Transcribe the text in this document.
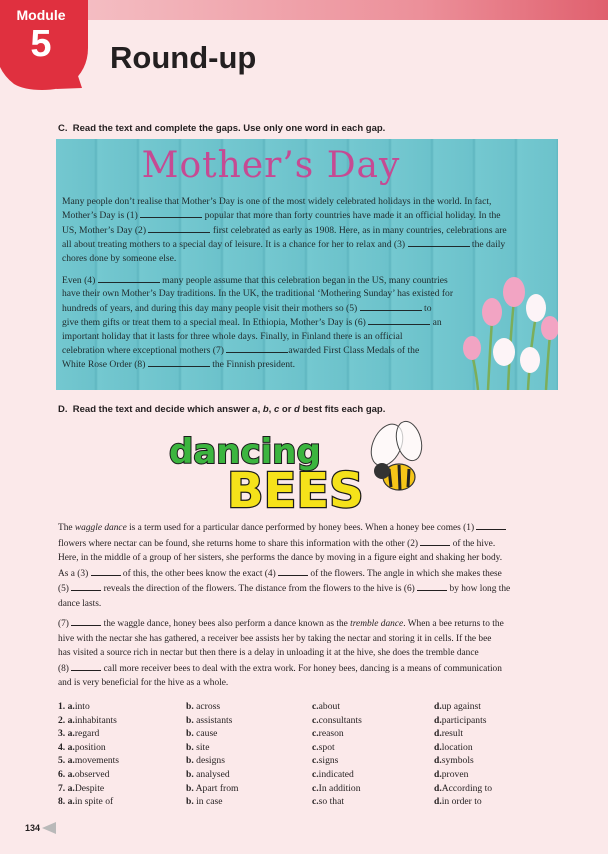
Module
5	Round-up
C. Read the text and complete the gaps. Use only one word in each gap.
Mother’s Day
Many people don’t realise that Mother’s Day is one of the most widely celebrated holidays in the world. In fact,
Mother’s Day is (1)	popular that more than forty countries have made it an official holiday. In the
US, Mother’s Day (2)	first celebrated as early as 1908. Here, as in many countries, celebrations are
all about treating mothers to a special day of leisure. It is a chance for her to relax and (3)	the daily
chores done by someone else.
Even (4)	many people assume that this celebration began in the US, many countries
have their own Mother’s Day traditions. In the UK, the traditional ‘Mothering Sunday’ has existed for
hundreds of years, and during this day many people visit their mothers so (5)	to
give them gifts or treat them to a special meal. In Ethiopia, Mother’s Day is (6)	an
important holiday that it lasts for three whole days. Finally, in Finland there is an official
celebration where exceptional mothers (7)	awarded First Class Medals of the
White Rose Order (8)	the Finnish president.
D. Read the text and decide which answer a, b, c or d best fits each gap.
dancing
BEES
The waggle dance is a term used for a particular dance performed by honey bees. When a honey bee comes (1)
flowers where nectar can be found, she returns home to share this information with the other (2)	of the hive.
Here, in the middle of a group of her sisters, she performs the dance by moving in a figure eight and shaking her body.
As a (3)	of this, the other bees know the exact (4)	of the flowers. The angle in which she makes these
(5)	reveals the direction of the flowers. The distance from the flowers to the hive is (6)	by how long the
dance lasts.
(7)	the waggle dance, honey bees also perform a dance known as the tremble dance. When a bee returns to the
hive with the nectar she has gathered, a receiver bee assists her by taking the nectar and storing it in cells. If the bee
has visited a source rich in nectar but then there is a delay in unloading it at the hive, she does the tremble dance
(8)	call more receiver bees to deal with the extra work. For honey bees, dancing is a means of communication
and is very beneficial for the hive as a whole.
1. a.into	b. across	c.about	d.up against
2. a.inhabitants	b. assistants	c.consultants	d.participants
3. a.regard	b. cause	c.reason	d.result
4. a.position	b. site	c.spot	d.location
5. a.movements	b. designs	c.signs	d.symbols
6. a.observed	b. analysed	c.indicated	d.proven
7. a.Despite	b. Apart from	c.In addition	d.According to
8. a.in spite of	b. in case	c.so that	d.in order to
134
